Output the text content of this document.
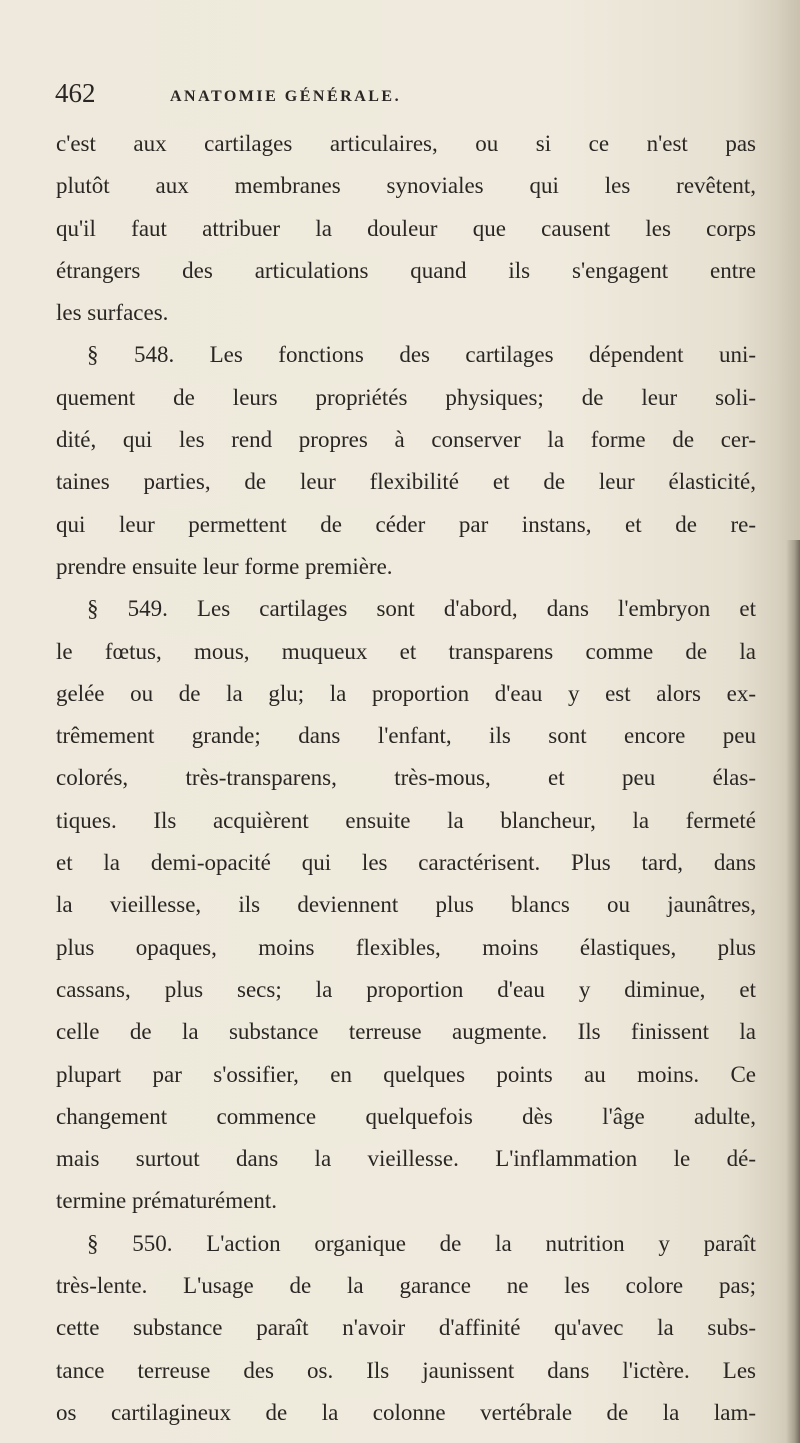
462	ANATOMIE GÉNÉRALE.
c'est aux cartilages articulaires, ou si ce n'est pas
plutôt aux membranes synoviales qui les revêtent,
qu'il faut attribuer la douleur que causent les corps
étrangers des articulations quand ils s'engagent entre
les surfaces.
§ 548. Les fonctions des cartilages dépendent uni-
quement de leurs propriétés physiques; de leur soli-
dité, qui les rend propres à conserver la forme de cer-
taines parties, de leur flexibilité et de leur élasticité,
qui leur permettent de céder par instans, et de re-
prendre ensuite leur forme première.
§ 549. Les cartilages sont d'abord, dans l'embryon et
le fœtus, mous, muqueux et transparens comme de la
gelée ou de la glu; la proportion d'eau y est alors ex-
trêmement grande; dans l'enfant, ils sont encore peu
colorés, très-transparens, très-mous, et peu élas-
tiques. Ils acquièrent ensuite la blancheur, la fermeté
et la demi-opacité qui les caractérisent. Plus tard, dans
la vieillesse, ils deviennent plus blancs ou jaunâtres,
plus opaques, moins flexibles, moins élastiques, plus
cassans, plus secs; la proportion d'eau y diminue, et
celle de la substance terreuse augmente. Ils finissent la
plupart par s'ossifier, en quelques points au moins. Ce
changement commence quelquefois dès l'âge adulte,
mais surtout dans la vieillesse. L'inflammation le dé-
termine prématurément.
§ 550. L'action organique de la nutrition y paraît
très-lente. L'usage de la garance ne les colore pas;
cette substance paraît n'avoir d'affinité qu'avec la subs-
tance terreuse des os. Ils jaunissent dans l'ictère. Les
os cartilagineux de la colonne vertébrale de la lam-
